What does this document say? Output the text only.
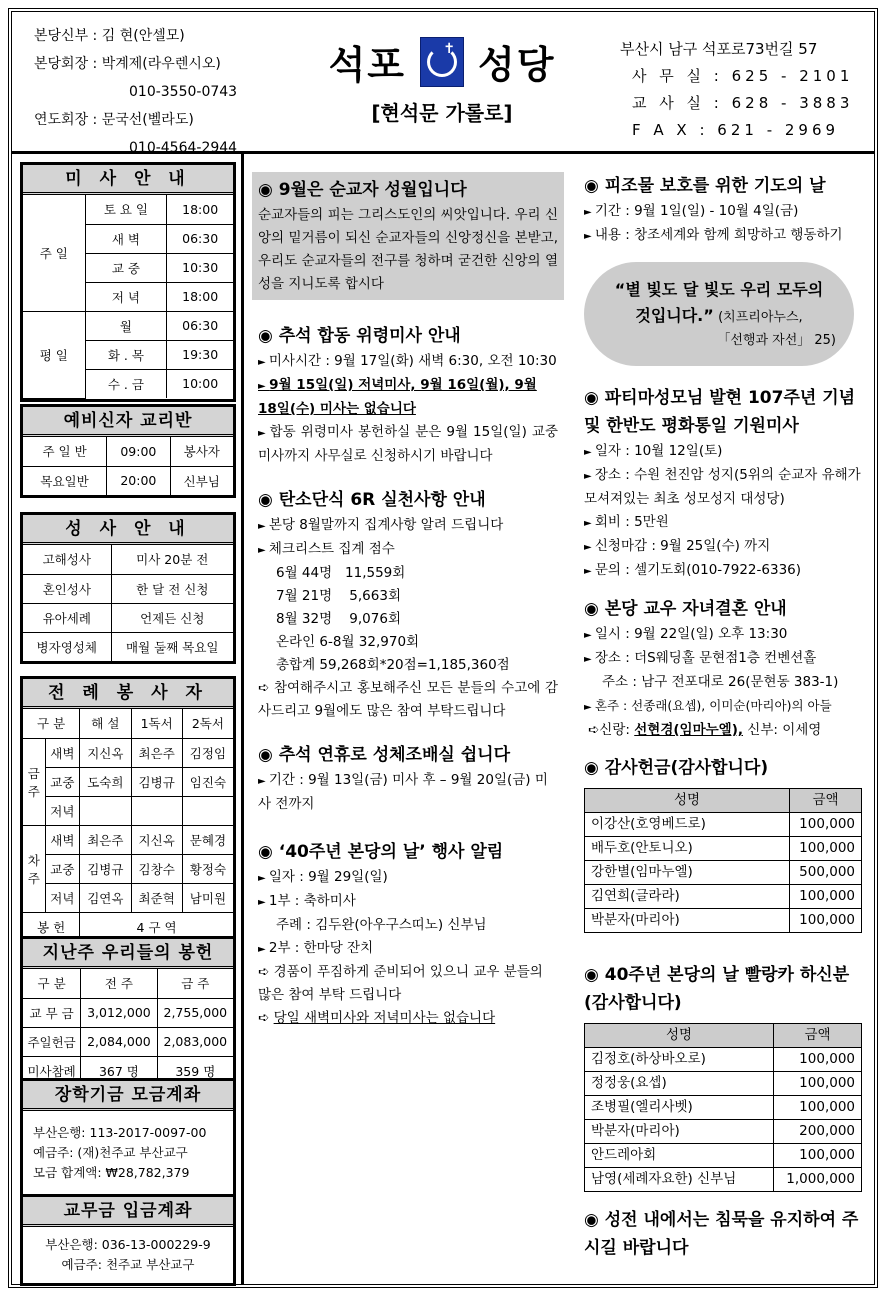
본당신부 : 김 현(안셀모)
본당회장 : 박계제(라우렌시오)
010-3550-0743
연도회장 : 문국선(벨라도)
010-4564-2944
석포	✝ 성당
[현석문 가롤로]
부산시 남구 석포로73번길 57
사 무 실 : 625 - 2101
교 사 실 : 628 - 3883
F A X : 621 - 2969
미 사 안 내
주 일	토 요 일	18:00
	새 벽	06:30
	교 중	10:30
	저 녁	18:00
평 일	월	06:30
	화 . 목	19:30
	수 . 금	10:00
예비신자 교리반
주 일 반	09:00	봉사자
목요일반	20:00	신부님
성 사 안 내
고해성사	미사 20분 전
혼인성사	한 달 전 신청
유아세례	언제든 신청
병자영성체	매월 둘째 목요일
전 례 봉 사 자
구 분		해 설	1독서	2독서
금주	새벽	지신옥	최은주	김정임
	교중	도숙희	김병규	임진숙
	저녁			
차주	새벽	최은주	지신옥	문혜경
	교중	김병규	김창수	황정숙
	저녁	김연옥	최준혁	남미원
봉 헌		4 구 역		
지난주 우리들의 봉헌
구 분	전 주	금 주
교 무 금	3,012,000	2,755,000
주일헌금	2,084,000	2,083,000
미사참례	367 명	359 명
장학기금 모금계좌
부산은행: 113-2017-0097-00
예금주: (재)천주교 부산교구
모금 합계액: ₩28,782,379
교무금 입금계좌
부산은행: 036-13-000229-9
예금주: 천주교 부산교구
◉ 9월은 순교자 성월입니다
순교자들의 피는 그리스도인의 씨앗입니다. 우리 신앙의 밑거름이 되신 순교자들의 신앙정신을 본받고, 우리도 순교자들의 전구를 청하며 굳건한 신앙의 열성을 지니도록 합시다
◉ 추석 합동 위령미사 안내
► 미사시간 : 9월 17일(화) 새벽 6:30, 오전 10:30
► 9월 15일(일) 저녁미사, 9월 16일(월), 9월 18일(수) 미사는 없습니다
► 합동 위령미사 봉헌하실 분은 9월 15일(일) 교중미사까지 사무실로 신청하시기 바랍니다
◉ 탄소단식 6R 실천사항 안내
► 본당 8월말까지 집계사항 알려 드립니다
► 체크리스트 집계 점수
6월 44명   11,559회
7월 21명    5,663회
8월 32명    9,076회
온라인 6-8월 32,970회
총합계 59,268회*20점=1,185,360점
➪ 참여해주시고 홍보해주신 모든 분들의 수고에 감사드리고 9월에도 많은 참여 부탁드립니다
◉ 추석 연휴로 성체조배실 쉽니다
► 기간 : 9월 13일(금) 미사 후 – 9월 20일(금) 미사 전까지
◉ ‘40주년 본당의 날’ 행사 알림
► 일자 : 9월 29일(일)
► 1부 : 축하미사
주례 : 김두완(아우구스띠노) 신부님
► 2부 : 한마당 잔치
➪ 경품이 푸짐하게 준비되어 있으니 교우 분들의 많은 참여 부탁 드립니다
➪ 당일 새벽미사와 저녁미사는 없습니다
◉ 피조물 보호를 위한 기도의 날
► 기간 : 9월 1일(일) - 10월 4일(금)
► 내용 : 창조세계와 함께 희망하고 행동하기
“별 빛도 달 빛도 우리 모두의
것입니다.” (치프리아누스,
「선행과 자선」 25)
◉ 파티마성모님 발현 107주년 기념 및 한반도 평화통일 기원미사
► 일자 : 10월 12일(토)
► 장소 : 수원 천진암 성지(5위의 순교자 유해가 모셔져있는 최초 성모성지 대성당)
► 회비 : 5만원
► 신청마감 : 9월 25일(수) 까지
► 문의 : 셀기도회(010-7922-6336)
◉ 본당 교우 자녀결혼 안내
► 일시 : 9월 22일(일) 오후 13:30
► 장소 : 더S웨딩홀 문현점1층 컨벤션홀
주소 : 남구 전포대로 26(문현동 383-1)
► 혼주 : 선종래(요셉), 이미순(마리아)의 아들
➪신랑: 선현경(임마누엘), 신부: 이세영
◉ 감사헌금(감사합니다)
성명	금액
이강산(호영베드로)	100,000
배두호(안토니오)	100,000
강한별(임마누엘)	500,000
김연희(글라라)	100,000
박분자(마리아)	100,000
◉ 40주년 본당의 날 빨랑카 하신분(감사합니다)
성명	금액
김정호(하상바오로)	100,000
정정웅(요셉)	100,000
조병필(엘리사벳)	100,000
박분자(마리아)	200,000
안드레아회	100,000
남영(세례자요한) 신부님	1,000,000
◉ 성전 내에서는 침묵을 유지하여 주시길 바랍니다
